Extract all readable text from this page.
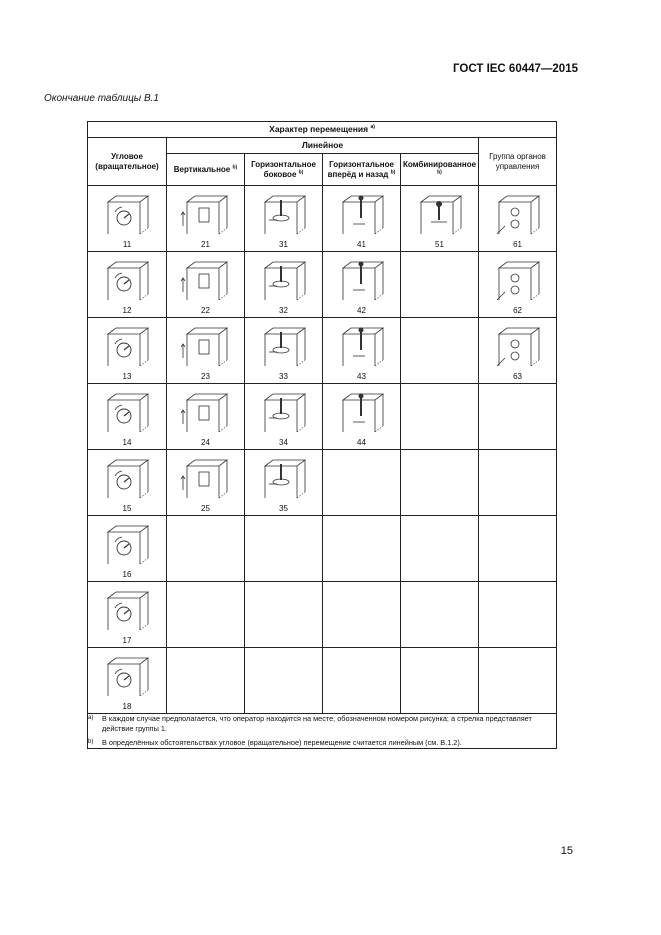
ГОСТ IEC 60447—2015
Окончание таблицы В.1
Характер перемещения $^{a)}$
Угловое (вращательное)	Линейное				Группа органов управления
	Вертикальное $^{b)}$	Горизонтальное боковое $^{b)}$	Горизонтальное вперёд и назад $^{b)}$	Комбинированное $^{b)}$

11	21	31	41	51	61

12	22	32	42		62

13	23	33	43		63

14	24	34	44		

15	25	35			

16					

17					

18					

a) В каждом случае предполагается, что оператор находится на месте, обозначенном номером рисунка; а стрелка представляет действие группы 1.
b) В определённых обстоятельствах угловое (вращательное) перемещение считается линейным (см. В.1.2).					
15
